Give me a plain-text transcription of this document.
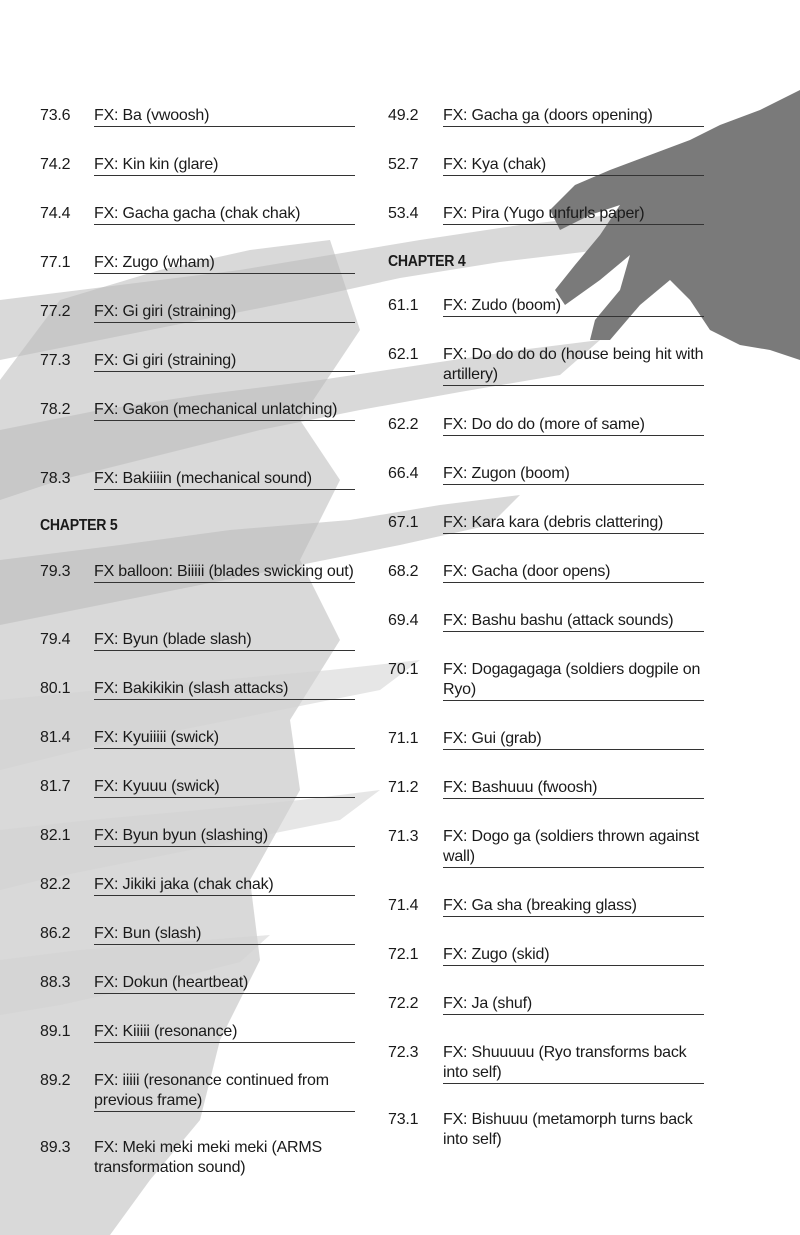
73.6 FX: Ba (vwoosh)
74.2 FX: Kin kin (glare)
74.4 FX: Gacha gacha (chak chak)
77.1 FX: Zugo (wham)
77.2 FX: Gi giri (straining)
77.3 FX: Gi giri (straining)
78.2 FX: Gakon (mechanical unlatching)
78.3 FX: Bakiiiin (mechanical sound)
CHAPTER 5
79.3 FX balloon: Biiiii (blades swicking out)
79.4 FX: Byun (blade slash)
80.1 FX: Bakikikin (slash attacks)
81.4 FX: Kyuiiiii (swick)
81.7 FX: Kyuuu (swick)
82.1 FX: Byun byun (slashing)
82.2 FX: Jikiki jaka (chak chak)
86.2 FX: Bun (slash)
88.3 FX: Dokun (heartbeat)
89.1 FX: Kiiiii (resonance)
89.2 FX: iiiii (resonance continued from previous frame)
89.3 FX: Meki meki meki meki (ARMS transformation sound)
49.2 FX: Gacha ga (doors opening)
52.7 FX: Kya (chak)
53.4 FX: Pira (Yugo unfurls paper)
CHAPTER 4
61.1 FX: Zudo (boom)
62.1 FX: Do do do do (house being hit with artillery)
62.2 FX: Do do do (more of same)
66.4 FX: Zugon (boom)
67.1 FX: Kara kara (debris clattering)
68.2 FX: Gacha (door opens)
69.4 FX: Bashu bashu (attack sounds)
70.1 FX: Dogagagaga (soldiers dogpile on Ryo)
71.1 FX: Gui (grab)
71.2 FX: Bashuuu (fwoosh)
71.3 FX: Dogo ga (soldiers thrown against wall)
71.4 FX: Ga sha (breaking glass)
72.1 FX: Zugo (skid)
72.2 FX: Ja (shuf)
72.3 FX: Shuuuuu (Ryo transforms back into self)
73.1 FX: Bishuuu (metamorph turns back into self)
